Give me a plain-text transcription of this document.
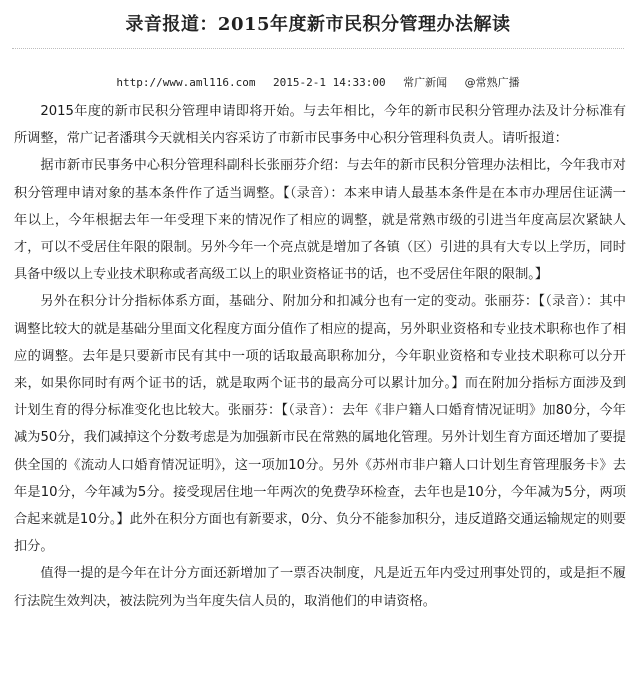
录音报道：2015年度新市民积分管理办法解读
http://www.aml116.com 2015-2-1 14:33:00 常广新闻 @常熟广播

2015年度的新市民积分管理申请即将开始。与去年相比，今年的新市民积分管理办法及计分标准有所调整，常广记者潘琪今天就相关内容采访了市新市民事务中心积分管理科负责人。请听报道：

据市新市民事务中心积分管理科副科长张丽芬介绍：与去年的新市民积分管理办法相比，今年我市对积分管理申请对象的基本条件作了适当调整。【（录音）：本来申请人最基本条件是在本市办理居住证满一年以上，今年根据去年一年受理下来的情况作了相应的调整，就是常熟市级的引进当年度高层次紧缺人才，可以不受居住年限的限制。另外今年一个亮点就是增加了各镇（区）引进的具有大专以上学历，同时具备中级以上专业技术职称或者高级工以上的职业资格证书的话，也不受居住年限的限制。】

另外在积分计分指标体系方面，基础分、附加分和扣减分也有一定的变动。张丽芬：【（录音）：其中调整比较大的就是基础分里面文化程度方面分值作了相应的提高，另外职业资格和专业技术职称也作了相应的调整。去年是只要新市民有其中一项的话取最高职称加分，今年职业资格和专业技术职称可以分开来，如果你同时有两个证书的话，就是取两个证书的最高分可以累计加分。】而在附加分指标方面涉及到计划生育的得分标准变化也比较大。张丽芬：【（录音）：去年《非户籍人口婚育情况证明》加80分，今年减为50分，我们减掉这个分数考虑是为加强新市民在常熟的属地化管理。另外计划生育方面还增加了要提供全国的《流动人口婚育情况证明》，这一项加10分。另外《苏州市非户籍人口计划生育管理服务卡》去年是10分，今年减为5分。接受现居住地一年两次的免费孕环检查，去年也是10分，今年减为5分，两项合起来就是10分。】此外在积分方面也有新要求，0分、负分不能参加积分，违反道路交通运输规定的则要扣分。

值得一提的是今年在计分方面还新增加了一票否决制度，凡是近五年内受过刑事处罚的，或是拒不履行法院生效判决，被法院列为当年度失信人员的，取消他们的申请资格。
